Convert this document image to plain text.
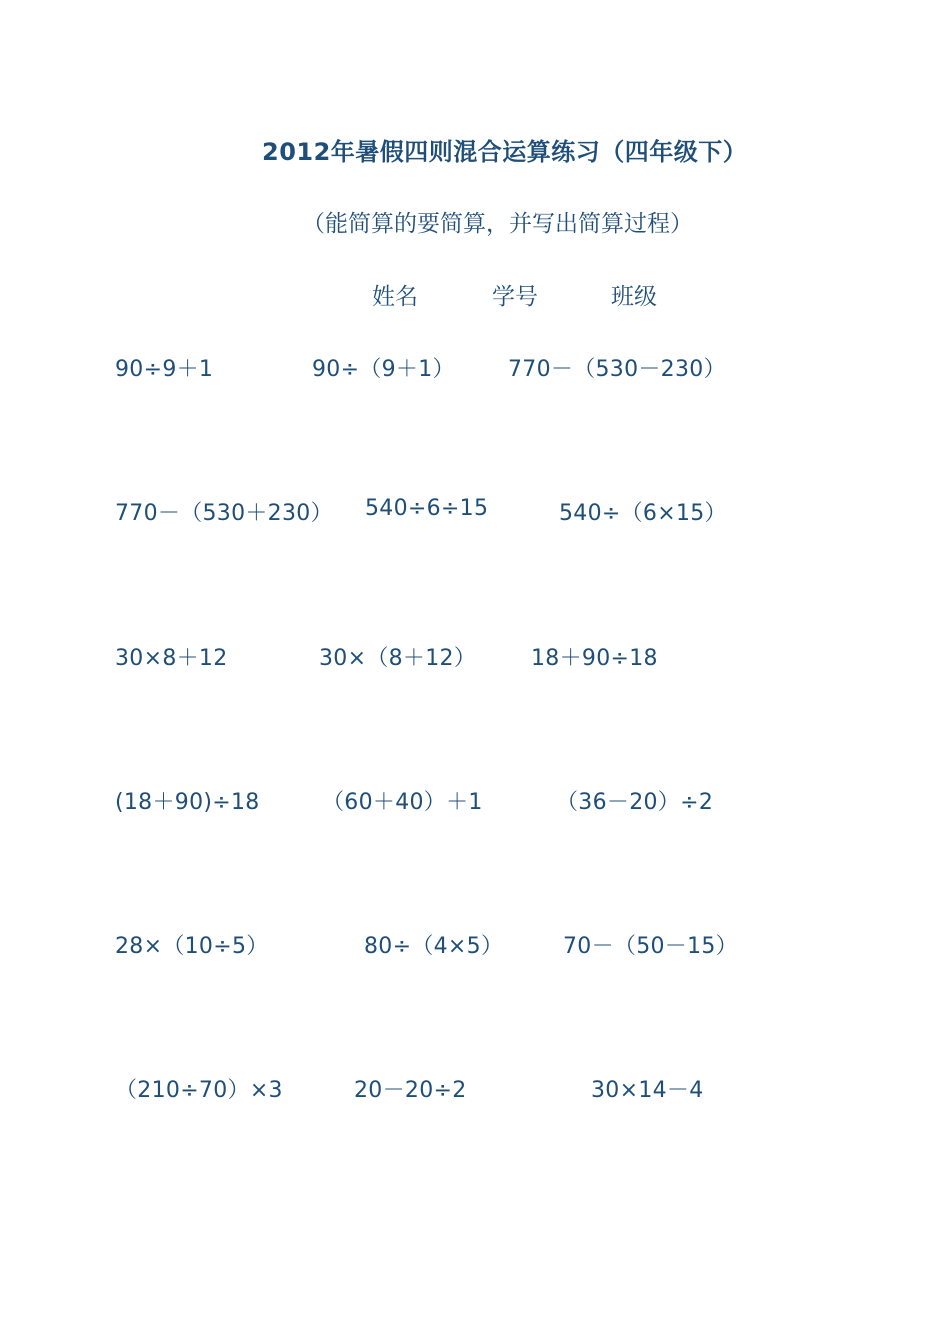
2012年暑假四则混合运算练习（四年级下）
（能简算的要简算，并写出简算过程）
姓名	学号	班级
90÷9＋1	90÷（9＋1） 770－（530－230）
770－（530＋230） 540÷6÷15	540÷（6×15）
30×8＋12	30×（8＋12） 18＋90÷18
(18＋90)÷18	（60＋40）＋1	（36－20）÷2
28×（10÷5）	80÷（4×5）	70－（50－15）
（210÷70）×3	20－20÷2	30×14－4
